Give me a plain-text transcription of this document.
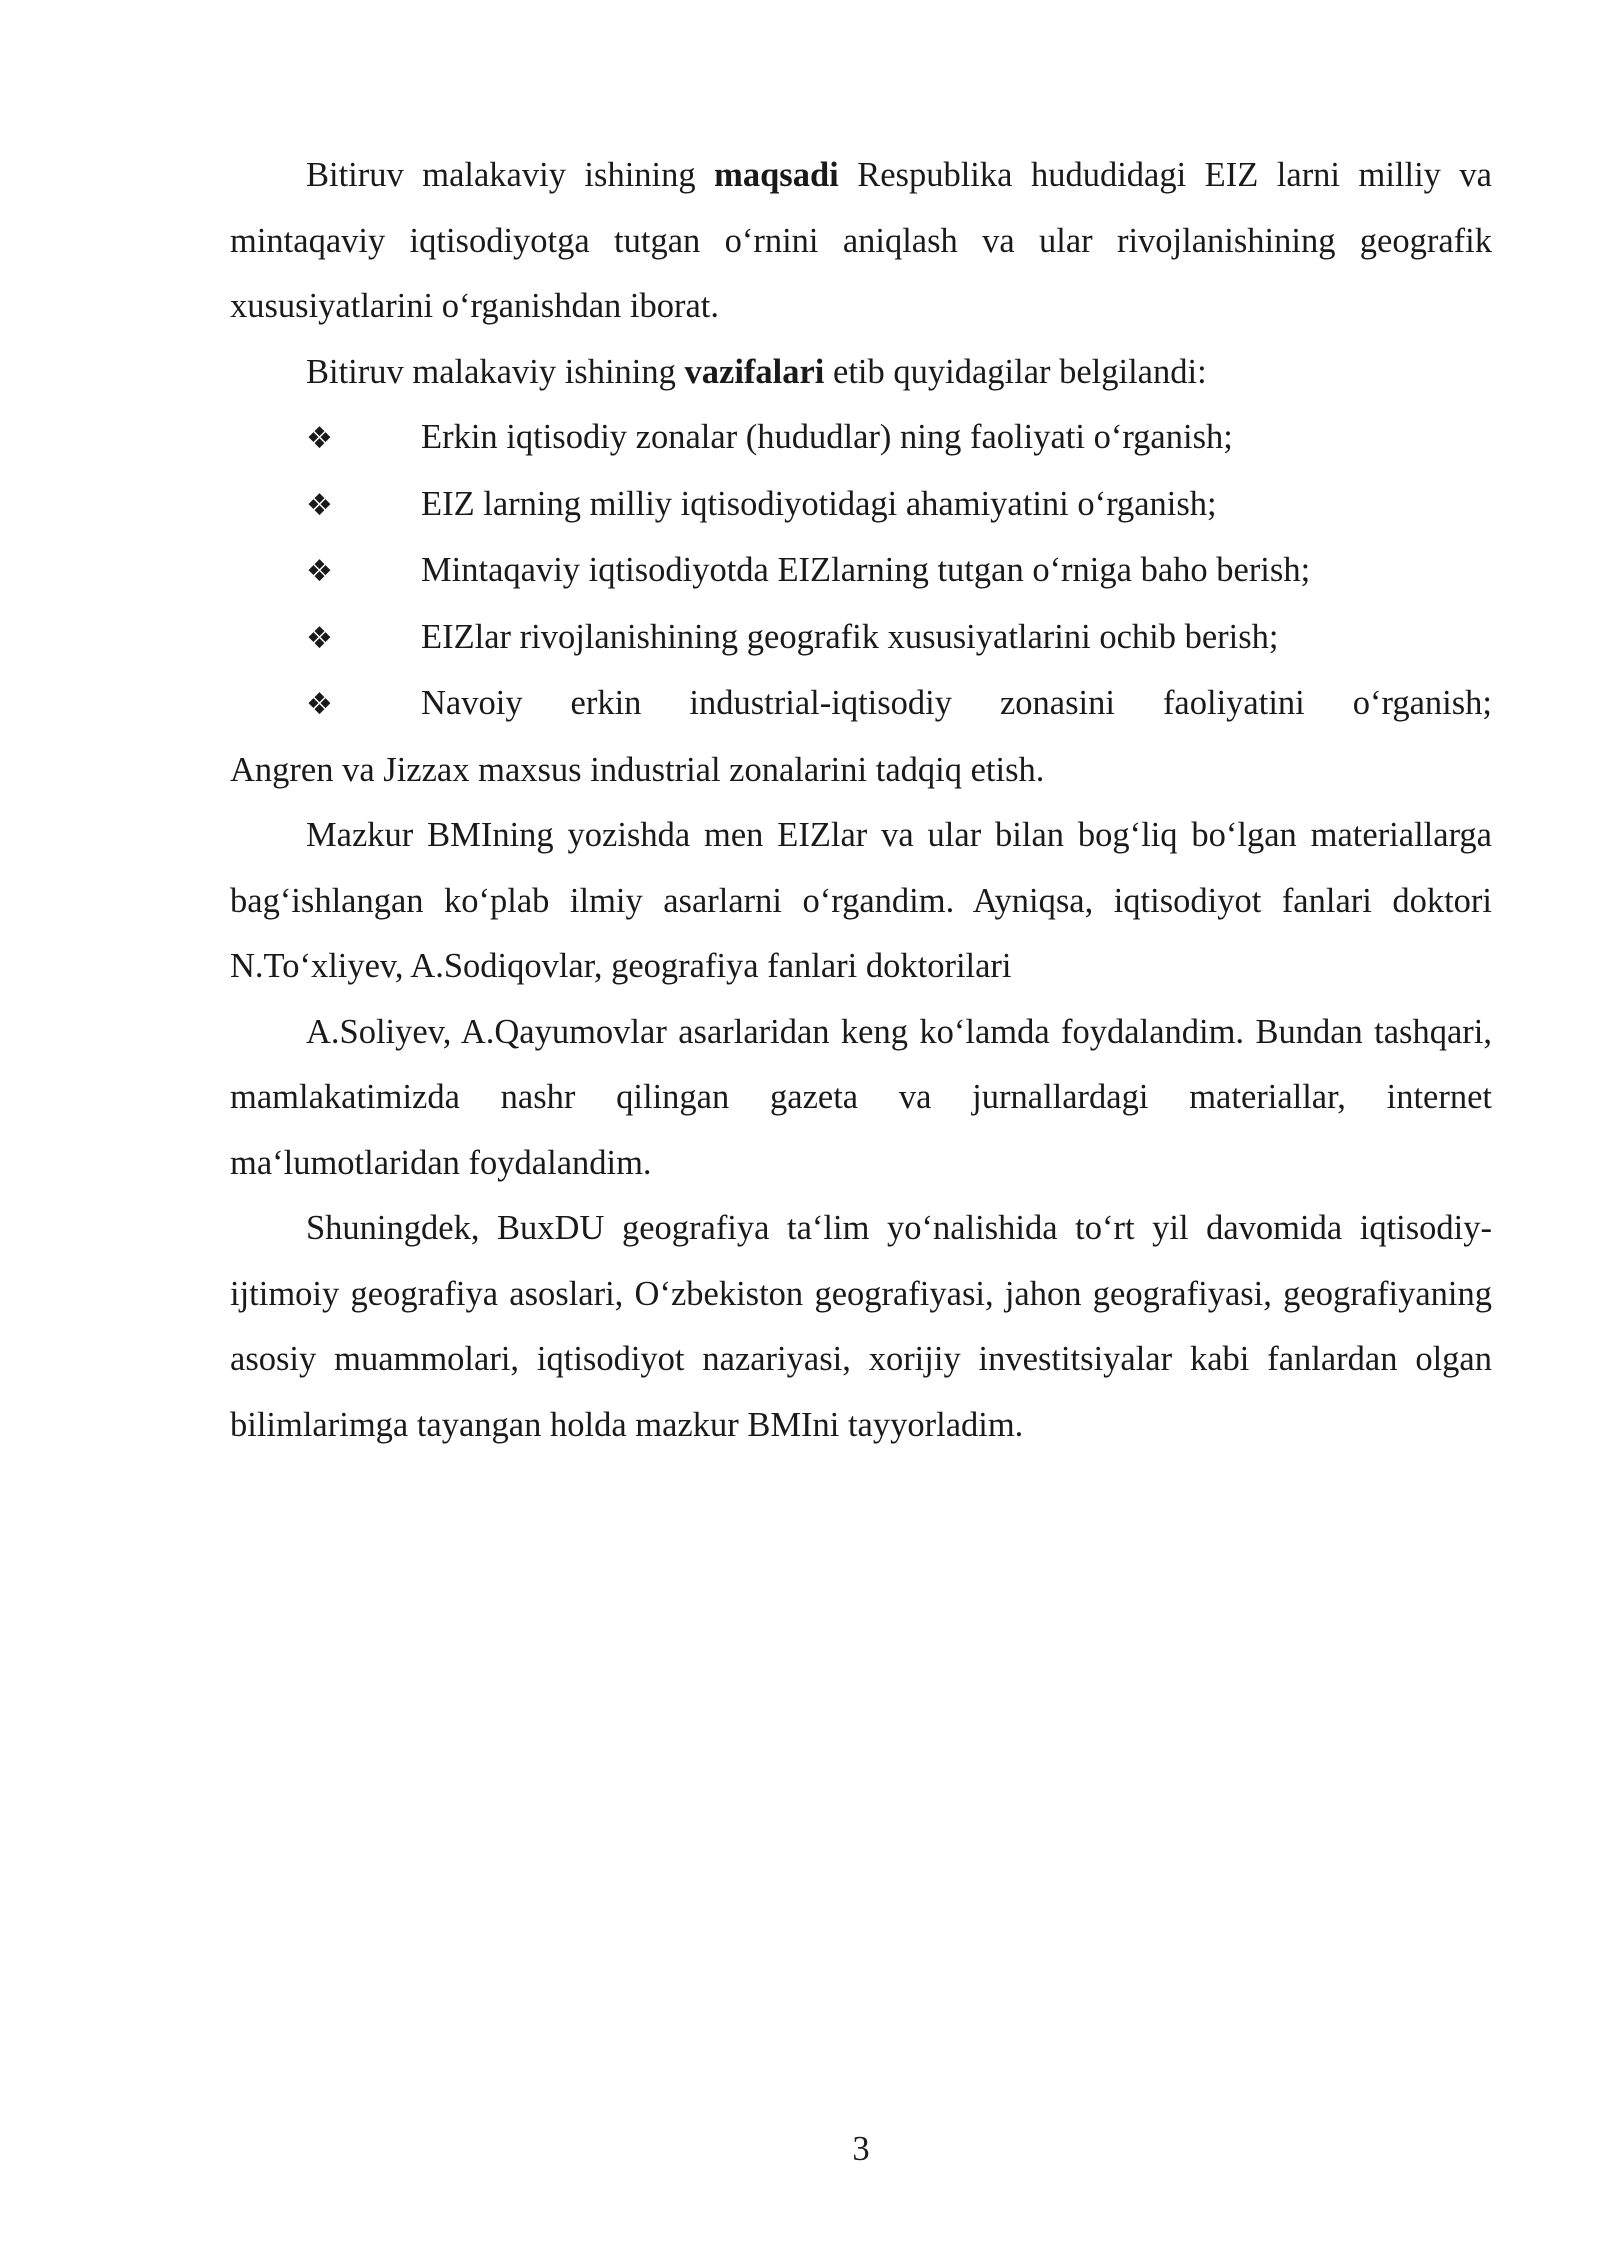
Bitiruv malakaviy ishining maqsadi Respublika hududidagi EIZ larni milliy va mintaqaviy iqtisodiyotga tutgan o‘rnini aniqlash va ular rivojlanishining geografik xususiyatlarini o‘rganishdan iborat.

Bitiruv malakaviy ishining vazifalari etib quyidagilar belgilandi:

❖	Erkin iqtisodiy zonalar (hududlar) ning faoliyati o‘rganish;
❖	EIZ larning milliy iqtisodiyotidagi ahamiyatini o‘rganish;
❖	Mintaqaviy iqtisodiyotda EIZlarning tutgan o‘rniga baho berish;
❖	EIZlar rivojlanishining geografik xususiyatlarini ochib berish;
❖	Navoiy erkin industrial-iqtisodiy zonasini faoliyatini o‘rganish;

Angren va Jizzax maxsus industrial zonalarini tadqiq etish.

Mazkur BMIning yozishda men EIZlar va ular bilan bog‘liq bo‘lgan materiallarga bag‘ishlangan ko‘plab ilmiy asarlarni o‘rgandim. Ayniqsa, iqtisodiyot fanlari doktori N.To‘xliyev, A.Sodiqovlar, geografiya fanlari doktorilari

A.Soliyev, A.Qayumovlar asarlaridan keng ko‘lamda foydalandim. Bundan tashqari, mamlakatimizda nashr qilingan gazeta va jurnallardagi materiallar, internet ma‘lumotlaridan foydalandim.

Shuningdek, BuxDU geografiya ta‘lim yo‘nalishida to‘rt yil davomida iqtisodiy-ijtimoiy geografiya asoslari, O‘zbekiston geografiyasi, jahon geografiyasi, geografiyaning asosiy muammolari, iqtisodiyot nazariyasi, xorijiy investitsiyalar kabi fanlardan olgan bilimlarimga tayangan holda mazkur BMIni tayyorladim.

3
